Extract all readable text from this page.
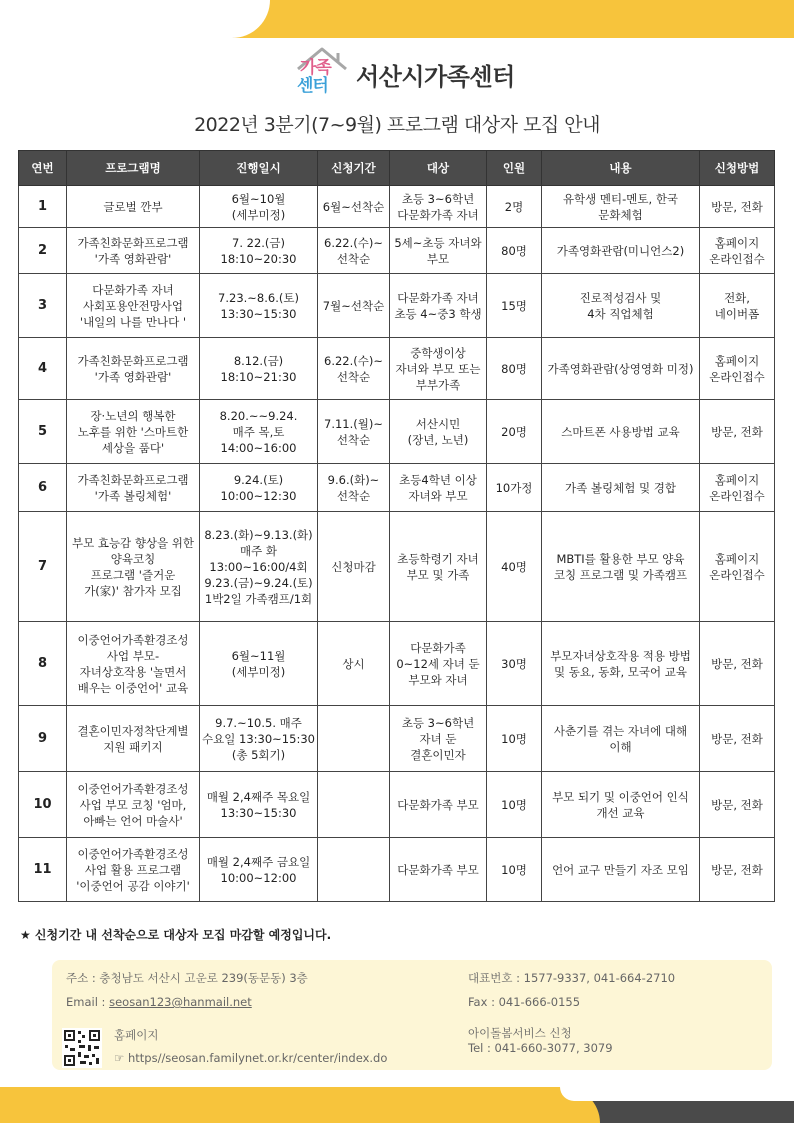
가족
센터 서산시가족센터
2022년 3분기(7~9월) 프로그램 대상자 모집 안내
연번	프로그램명	진행일시	신청기간	대상	인원	내용	신청방법
1	글로벌 깐부	6월~10월
(세부미정)	6월~선착순	초등 3~6학년
다문화가족 자녀	2명	유학생 멘티-멘토, 한국
문화체험	방문, 전화
2	가족친화문화프로그램
'가족 영화관람'	7. 22.(금)
18:10~20:30	6.22.(수)~
선착순	5세~초등 자녀와
부모	80명	가족영화관람(미니언스2)	홈페이지
온라인접수
3	다문화가족 자녀
사회포용안전망사업
'내일의 나를 만나다 '	7.23.~8.6.(토)
13:30~15:30	7월~선착순	다문화가족 자녀
초등 4~중3 학생	15명	진로적성검사 및
4차 직업체험	전화,
네이버폼
4	가족친화문화프로그램
'가족 영화관람'	8.12.(금)
18:10~21:30	6.22.(수)~
선착순	중학생이상
자녀와 부모 또는
부부가족	80명	가족영화관람(상영영화 미정)	홈페이지
온라인접수
5	장·노년의 행복한
노후를 위한 '스마트한
세상을 품다'	8.20.~~9.24.
매주 목,토
14:00~16:00	7.11.(월)~
선착순	서산시민
(장년, 노년)	20명	스마트폰 사용방법 교육	방문, 전화
6	가족친화문화프로그램
'가족 볼링체험'	9.24.(토)
10:00~12:30	9.6.(화)~
선착순	초등4학년 이상
자녀와 부모	10가정	가족 볼링체험 및 경합	홈페이지
온라인접수
7	부모 효능감 향상을 위한
양육코칭
프로그램 '즐거운
가(家)' 참가자 모집	8.23.(화)~9.13.(화)
매주 화
13:00~16:00/4회
9.23.(금)~9.24.(토)
1박2일 가족캠프/1회	신청마감	초등학령기 자녀
부모 및 가족	40명	MBTI를 활용한 부모 양육
코칭 프로그램 및 가족캠프	홈페이지
온라인접수
8	이중언어가족환경조성
사업 부모-
자녀상호작용 '놀면서
배우는 이중언어' 교육	6월~11월
(세부미정)	상시	다문화가족
0~12세 자녀 둔
부모와 자녀	30명	부모자녀상호작용 적용 방법
및 동요, 동화, 모국어 교육	방문, 전화
9	결혼이민자정착단계별
지원 패키지	9.7.~10.5. 매주
수요일 13:30~15:30
(총 5회기)		초등 3~6학년
자녀 둔
결혼이민자	10명	사춘기를 겪는 자녀에 대해
이해	방문, 전화
10	이중언어가족환경조성
사업 부모 코칭 '엄마,
아빠는 언어 마술사'	매월 2,4째주 목요일
13:30~15:30		다문화가족 부모	10명	부모 되기 및 이중언어 인식
개선 교육	방문, 전화
11	이중언어가족환경조성
사업 활용 프로그램
'이중언어 공감 이야기'	매월 2,4째주 금요일
10:00~12:00		다문화가족 부모	10명	언어 교구 만들기 자조 모임	방문, 전화
★ 신청기간 내 선착순으로 대상자 모집 마감할 예정입니다.
주소 : 충청남도 서산시 고운로 239(동문동) 3층
Email : seosan123@hanmail.net
홈페이지
☞ https//seosan.familynet.or.kr/center/index.do
대표번호 : 1577-9337, 041-664-2710
Fax : 041-666-0155
아이돌봄서비스 신청
Tel : 041-660-3077, 3079
